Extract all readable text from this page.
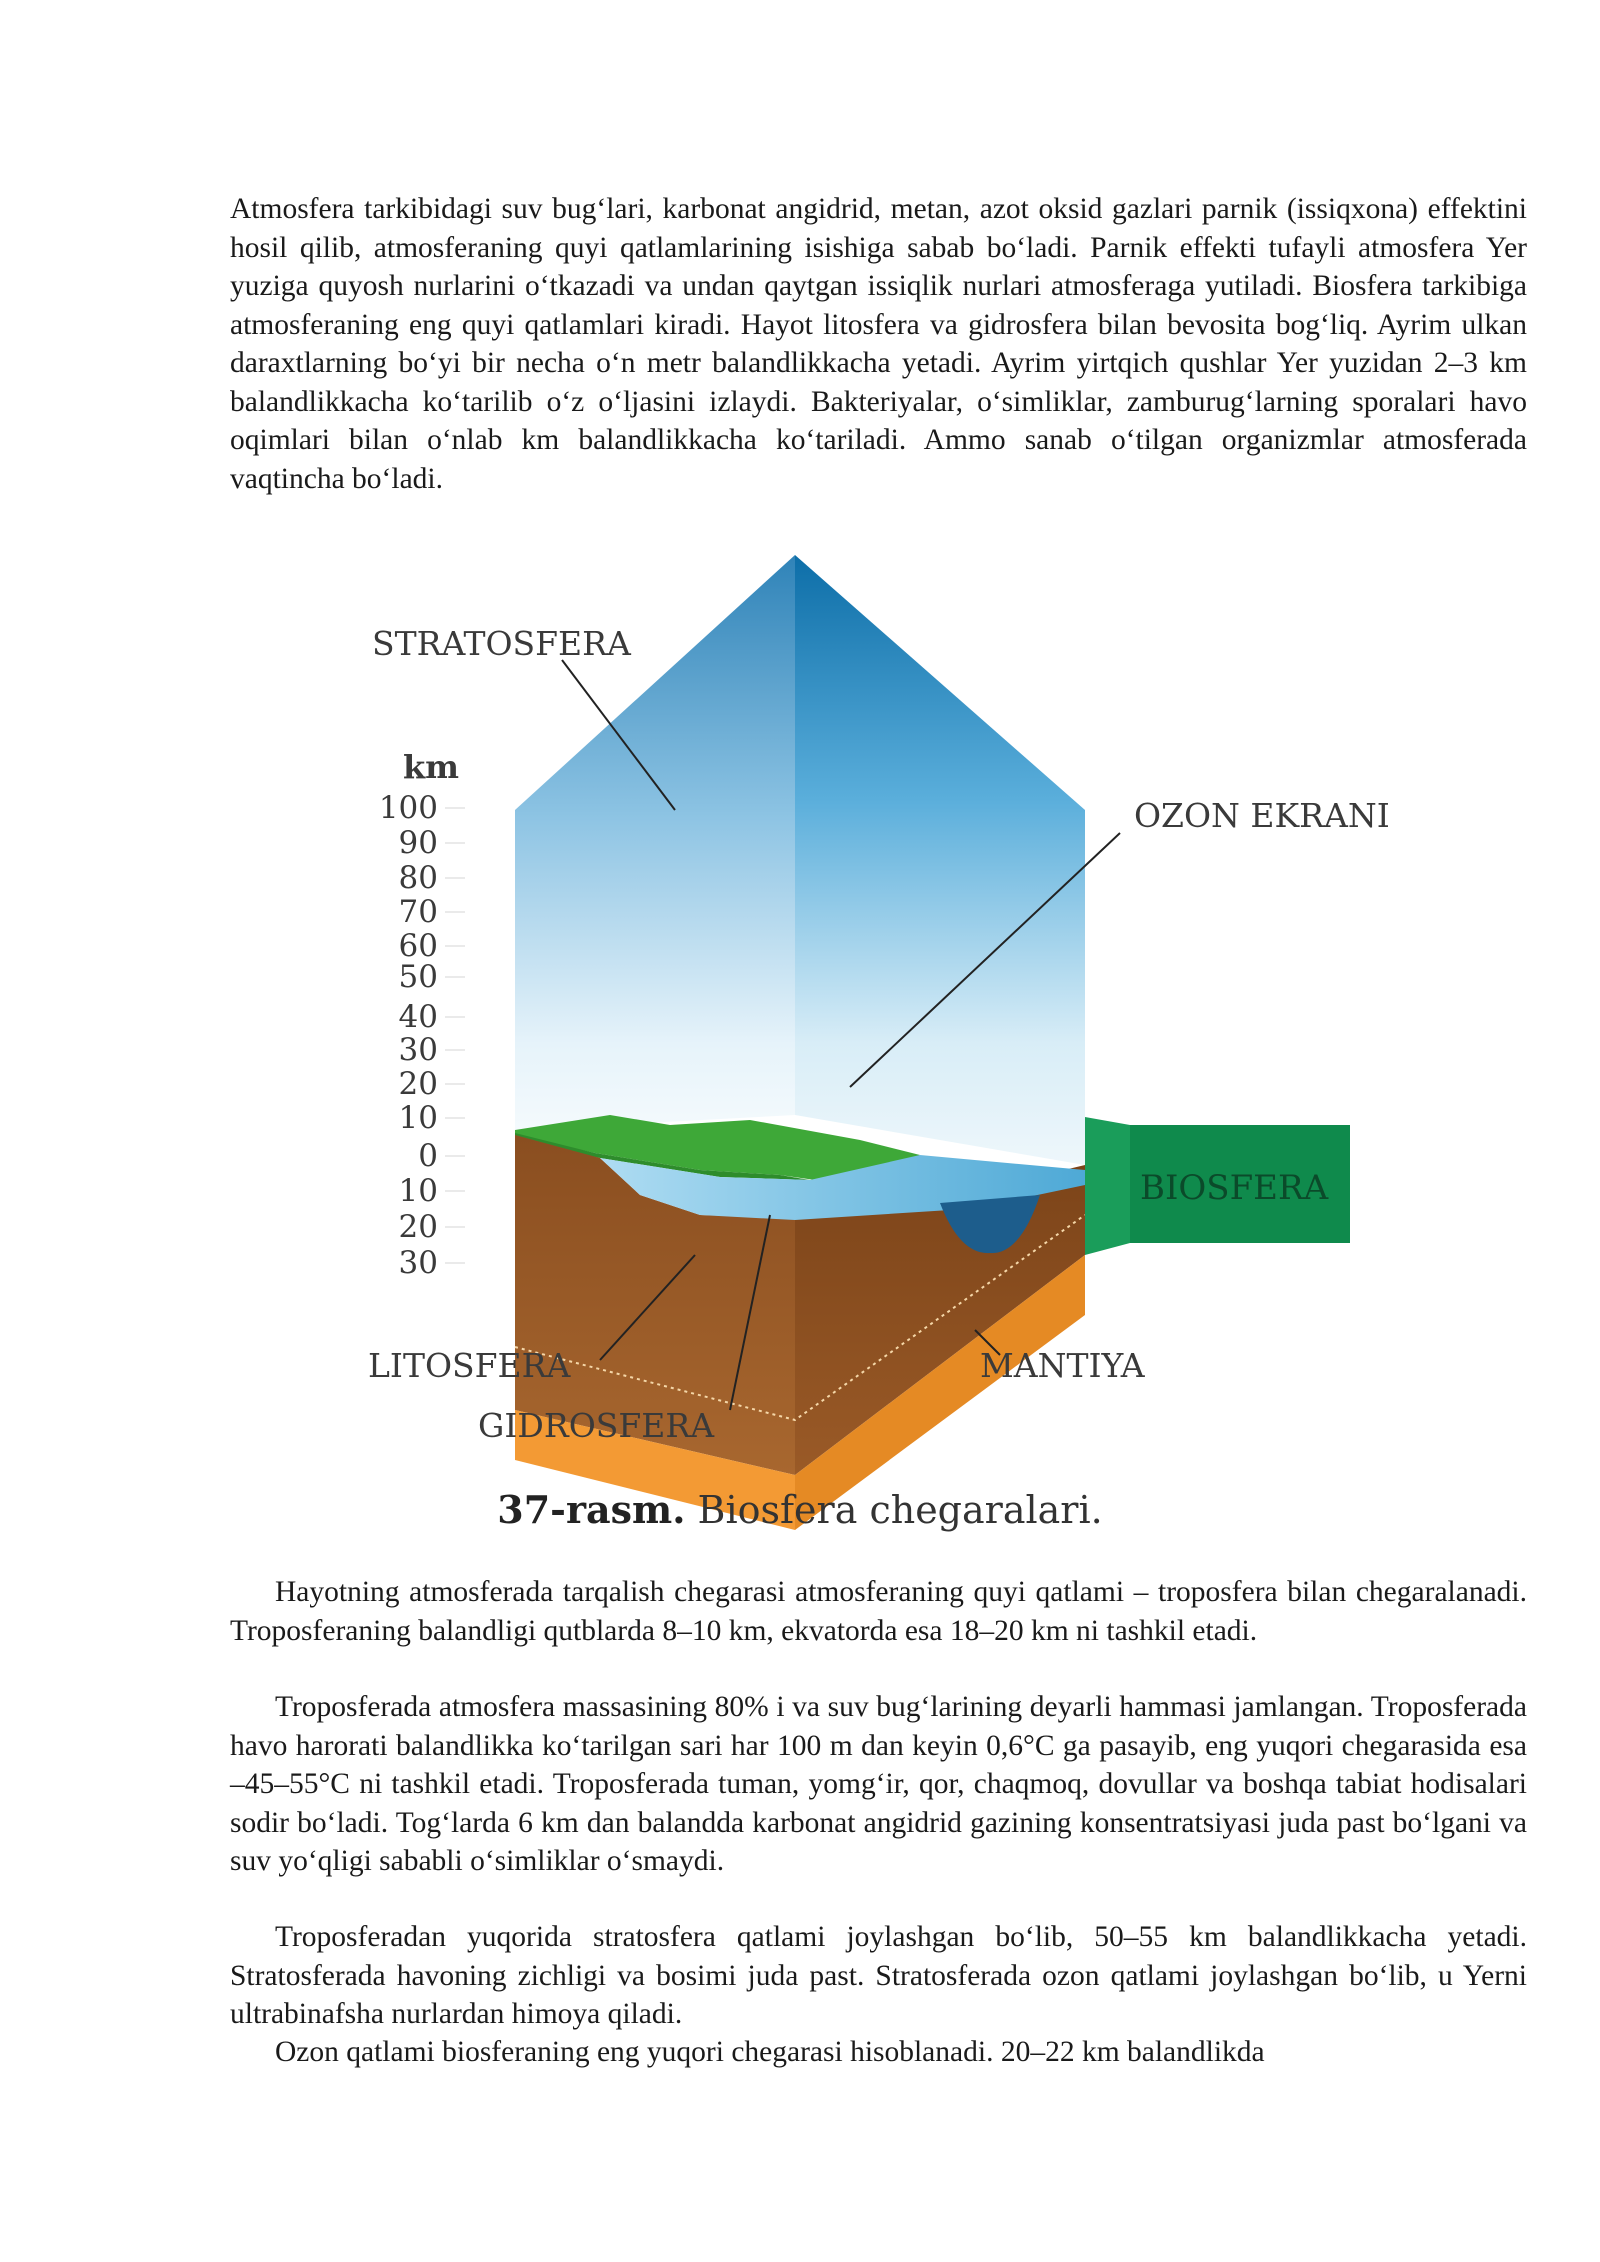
Atmosfera tarkibidagi suv bug‘lari, karbonat angidrid, metan, azot oksid gazlari parnik (issiqxona) effektini hosil qilib, atmosferaning quyi qatlamlarining isishiga sabab bo‘ladi. Parnik effekti tufayli atmosfera Yer yuziga quyosh nurlarini o‘tkazadi va undan qaytgan issiqlik nurlari atmosferaga yutiladi. Biosfera tarkibiga atmosferaning eng quyi qatlamlari kiradi. Hayot litosfera va gidrosfera bilan bevosita bog‘liq. Ayrim ulkan daraxtlarning bo‘yi bir necha o‘n metr balandlikkacha yetadi. Ayrim yirtqich qushlar Yer yuzidan 2–3 km balandlikkacha ko‘tarilib o‘z o‘ljasini izlaydi. Bakteriyalar, o‘simliklar, zamburug‘larning sporalari havo oqimlari bilan o‘nlab km balandlikkacha ko‘tariladi. Ammo sanab o‘tilgan organizmlar atmosferada vaqtincha bo‘ladi.

BIOSFERA
km
100
90
80
70
60
50
40
30
20
10
0
10
20
30
STRATOSFERA
OZON EKRANI
LITOSFERA
GIDROSFERA
MANTIYA
37-rasm. Biosfera chegaralari.

Hayotning atmosferada tarqalish chegarasi atmosferaning quyi qatlami – troposfera bilan chegaralanadi. Troposferaning balandligi qutblarda 8–10 km, ekvatorda esa 18–20 km ni tashkil etadi.

Troposferada atmosfera massasining 80% i va suv bug‘larining deyarli hammasi jamlangan. Troposferada havo harorati balandlikka ko‘tarilgan sari har 100 m dan keyin 0,6°C ga pasayib, eng yuqori chegarasida esa –45–55°C ni tashkil etadi. Troposferada tuman, yomg‘ir, qor, chaqmoq, dovullar va boshqa tabiat hodisalari sodir bo‘ladi. Tog‘larda 6 km dan balandda karbonat angidrid gazining konsentratsiyasi juda past bo‘lgani va suv yo‘qligi sababli o‘simliklar o‘smaydi.

Troposferadan yuqorida stratosfera qatlami joylashgan bo‘lib, 50–55 km balandlikkacha yetadi. Stratosferada havoning zichligi va bosimi juda past. Stratosferada ozon qatlami joylashgan bo‘lib, u Yerni ultrabinafsha nurlardan himoya qiladi.

Ozon qatlami biosferaning eng yuqori chegarasi hisoblanadi. 20–22 km balandlikda
